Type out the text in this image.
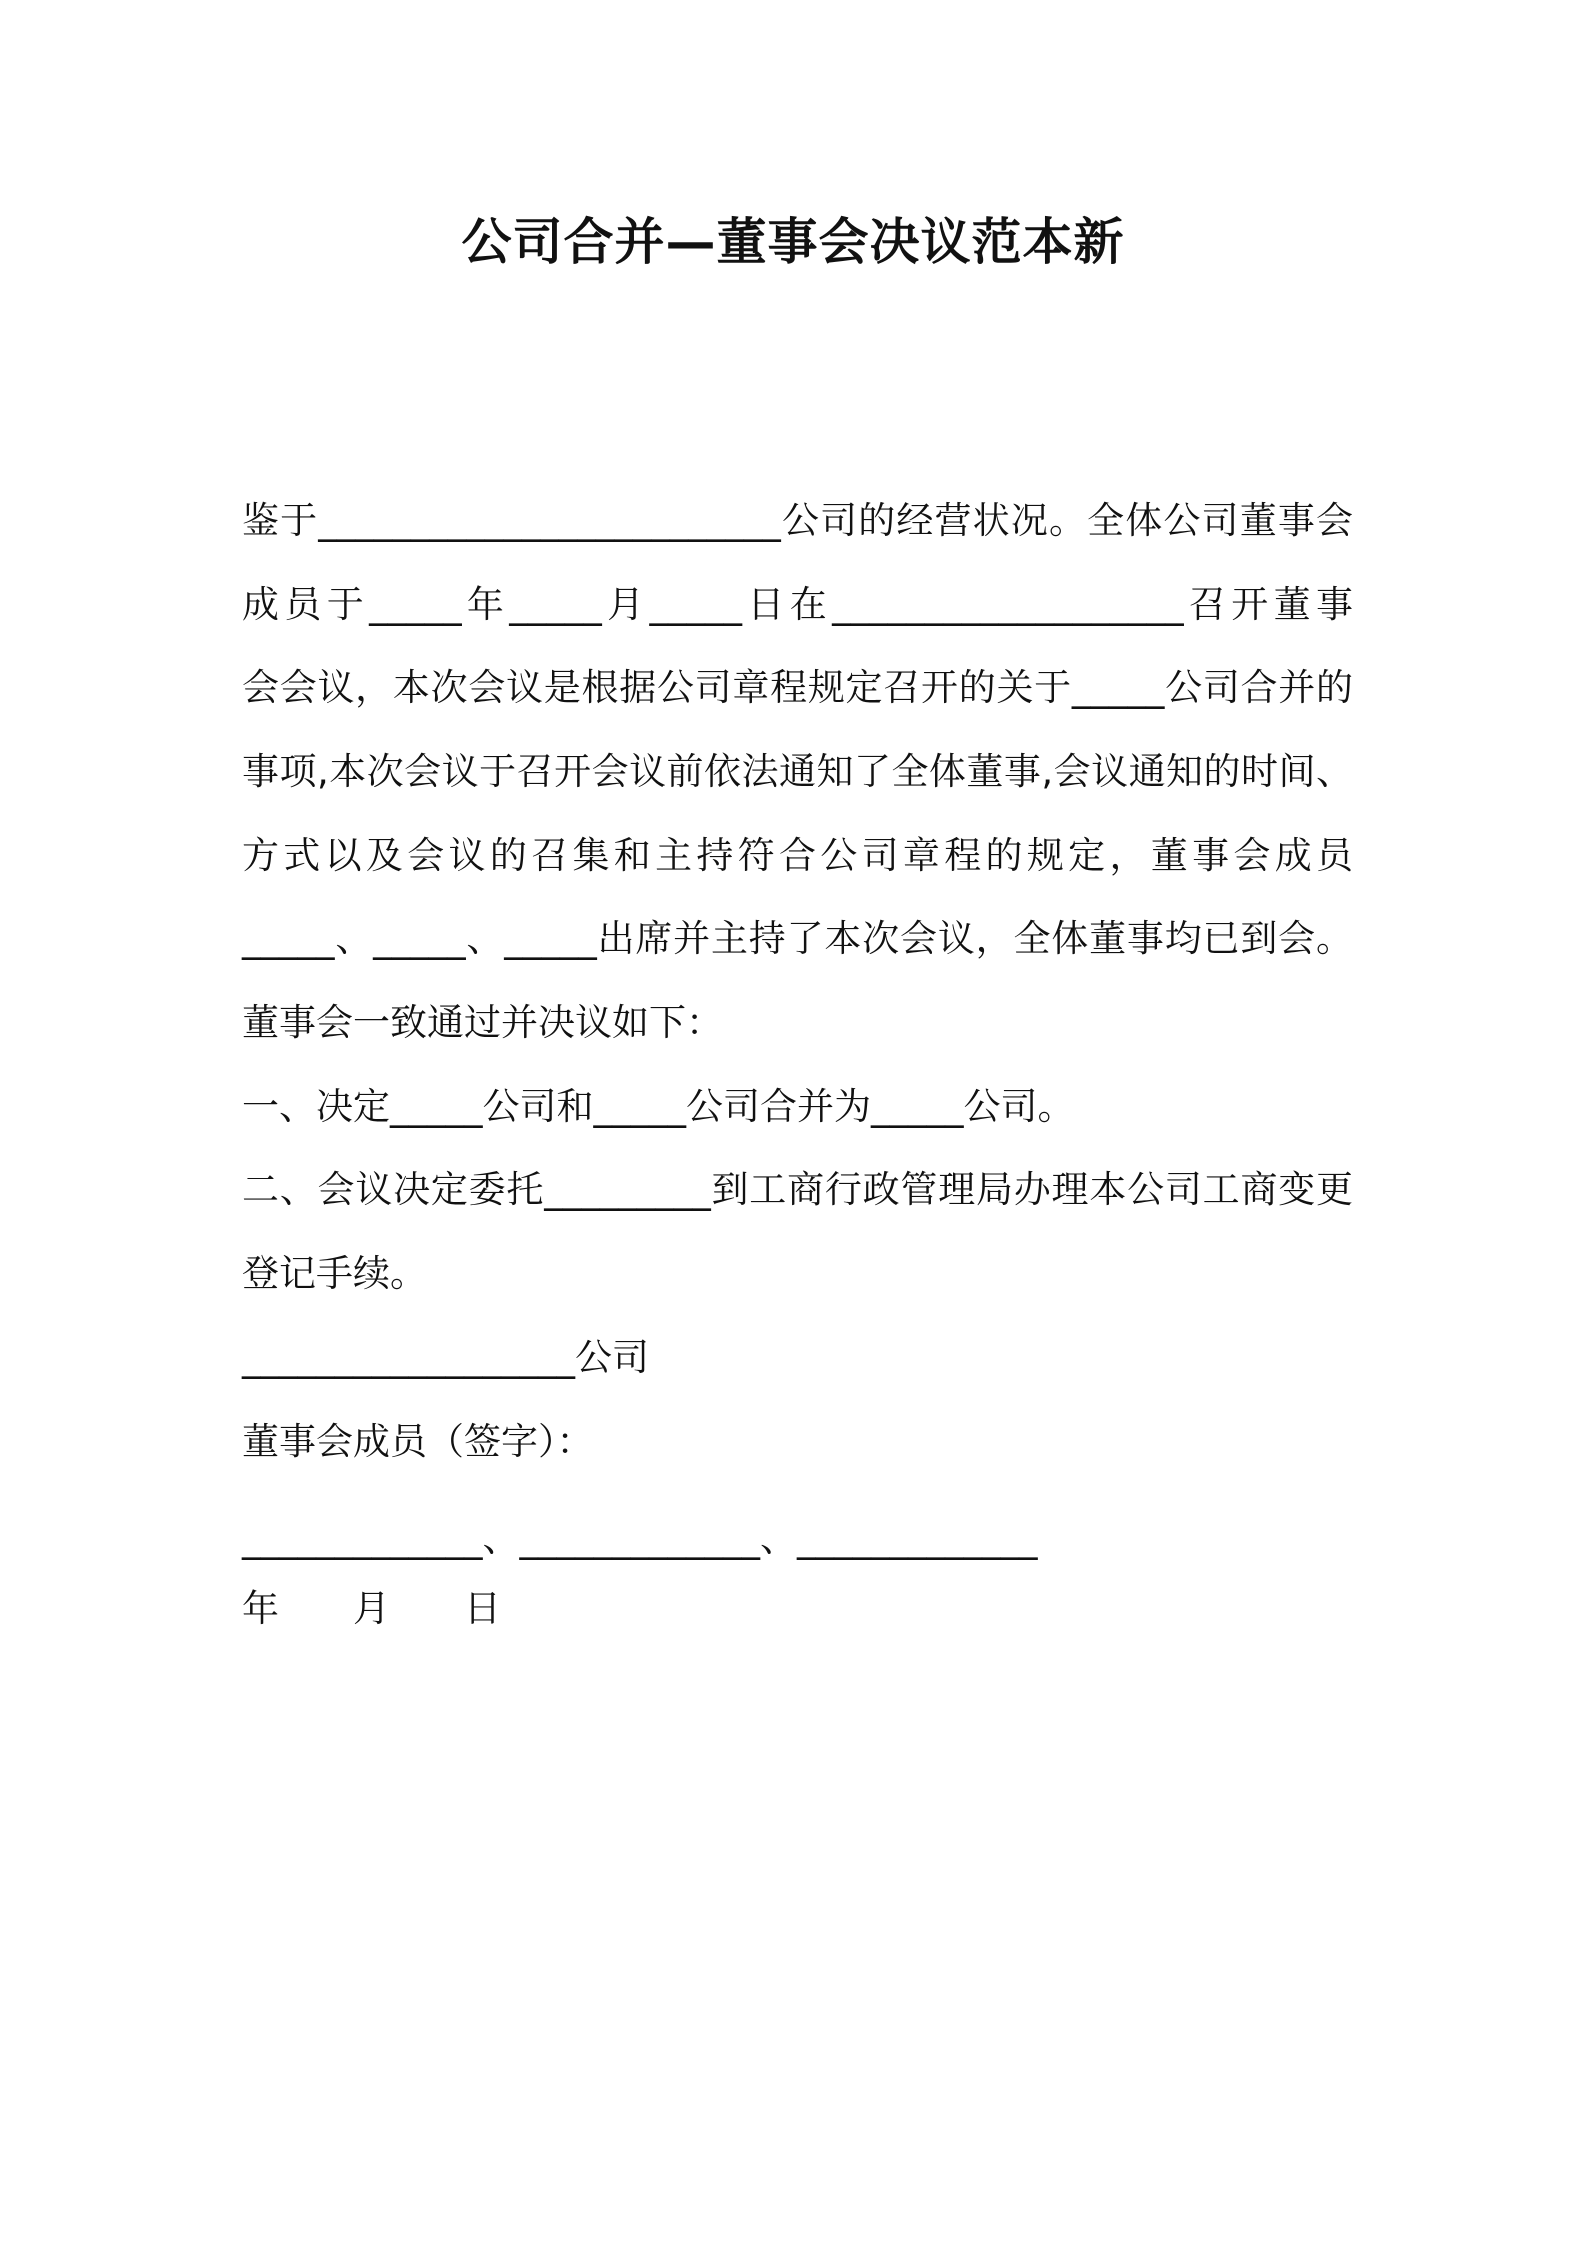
公司合并—董事会决议范本新
鉴于_________________________公司的经营状况。全体公司董事会
成员于_____年_____月_____日在___________________召开董事
会会议，本次会议是根据公司章程规定召开的关于_____公司合并的
事项,本次会议于召开会议前依法通知了全体董事,会议通知的时间、
方式以及会议的召集和主持符合公司章程的规定，董事会成员
_____、_____、_____出席并主持了本次会议，全体董事均已到会。
董事会一致通过并决议如下：
一、决定_____公司和_____公司合并为_____公司。
二、会议决定委托_________到工商行政管理局办理本公司工商变更
登记手续。
__________________公司
董事会成员（签字）：
_____________、_____________、_____________
年　　月　　日
